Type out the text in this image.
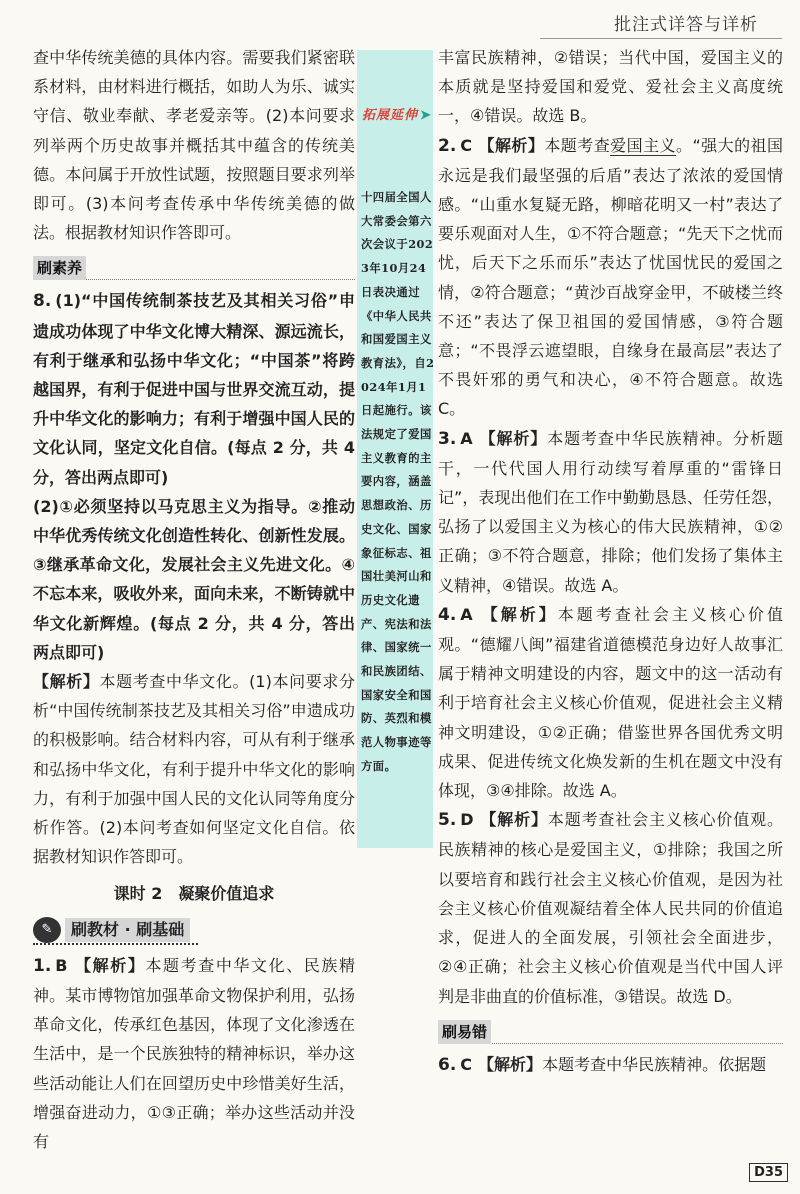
批注式详答与详析

查中华传统美德的具体内容。需要我们紧密联系材料，由材料进行概括，如助人为乐、诚实守信、敬业奉献、孝老爱亲等。(2)本问要求列举两个历史故事并概括其中蕴含的传统美德。本问属于开放性试题，按照题目要求列举即可。(3)本问考查传承中华传统美德的做法。根据教材知识作答即可。

刷素养

8. (1)“中国传统制茶技艺及其相关习俗”申遗成功体现了中华文化博大精深、源远流长，有利于继承和弘扬中华文化；“中国茶”将跨越国界，有利于促进中国与世界交流互动，提升中华文化的影响力；有利于增强中国人民的文化认同，坚定文化自信。(每点 2 分，共 4 分，答出两点即可)

(2)①必须坚持以马克思主义为指导。②推动中华优秀传统文化创造性转化、创新性发展。③继承革命文化，发展社会主义先进文化。④不忘本来，吸收外来，面向未来，不断铸就中华文化新辉煌。(每点 2 分，共 4 分，答出两点即可)

【解析】本题考查中华文化。(1)本问要求分析“中国传统制茶技艺及其相关习俗”申遗成功的积极影响。结合材料内容，可从有利于继承和弘扬中华文化，有利于提升中华文化的影响力，有利于加强中国人民的文化认同等角度分析作答。(2)本问考查如何坚定文化自信。依据教材知识作答即可。

课时 2　凝聚价值追求
✎	刷教材 · 刷基础

1. B 【解析】本题考查中华文化、民族精神。某市博物馆加强革命文物保护利用，弘扬革命文化，传承红色基因，体现了文化渗透在生活中，是一个民族独特的精神标识，举办这些活动能让人们在回望历史中珍惜美好生活，增强奋进动力，①③正确；举办这些活动并没有

拓展延伸 ➤
十四届全国人大常委会第六次会议于2023年10月24日表决通过《中华人民共和国爱国主义教育法》，自2024年1月1日起施行。该法规定了爱国主义教育的主要内容，涵盖思想政治、历史文化、国家象征标志、祖国壮美河山和历史文化遗产、宪法和法律、国家统一和民族团结、国家安全和国防、英烈和模范人物事迹等方面。

丰富民族精神，②错误；当代中国，爱国主义的本质就是坚持爱国和爱党、爱社会主义高度统一，④错误。故选 B。

2. C 【解析】本题考查爱国主义。“强大的祖国永远是我们最坚强的后盾”表达了浓浓的爱国情感。“山重水复疑无路，柳暗花明又一村”表达了要乐观面对人生，①不符合题意；“先天下之忧而忧，后天下之乐而乐”表达了忧国忧民的爱国之情，②符合题意；“黄沙百战穿金甲，不破楼兰终不还”表达了保卫祖国的爱国情感，③符合题意；“不畏浮云遮望眼，自缘身在最高层”表达了不畏奸邪的勇气和决心，④不符合题意。故选 C。

3. A 【解析】本题考查中华民族精神。分析题干，一代代国人用行动续写着厚重的“雷锋日记”，表现出他们在工作中勤勤恳恳、任劳任怨，弘扬了以爱国主义为核心的伟大民族精神，①②正确；③不符合题意，排除；他们发扬了集体主义精神，④错误。故选 A。

4. A 【解析】本题考查社会主义核心价值观。“德耀八闽”福建省道德模范身边好人故事汇属于精神文明建设的内容，题文中的这一活动有利于培育社会主义核心价值观，促进社会主义精神文明建设，①②正确；借鉴世界各国优秀文明成果、促进传统文化焕发新的生机在题文中没有体现，③④排除。故选 A。

5. D 【解析】本题考查社会主义核心价值观。民族精神的核心是爱国主义，①排除；我国之所以要培育和践行社会主义核心价值观，是因为社会主义核心价值观凝结着全体人民共同的价值追求，促进人的全面发展，引领社会全面进步，②④正确；社会主义核心价值观是当代中国人评判是非曲直的价值标准，③错误。故选 D。

刷易错

6. C 【解析】本题考查中华民族精神。依据题

D35
